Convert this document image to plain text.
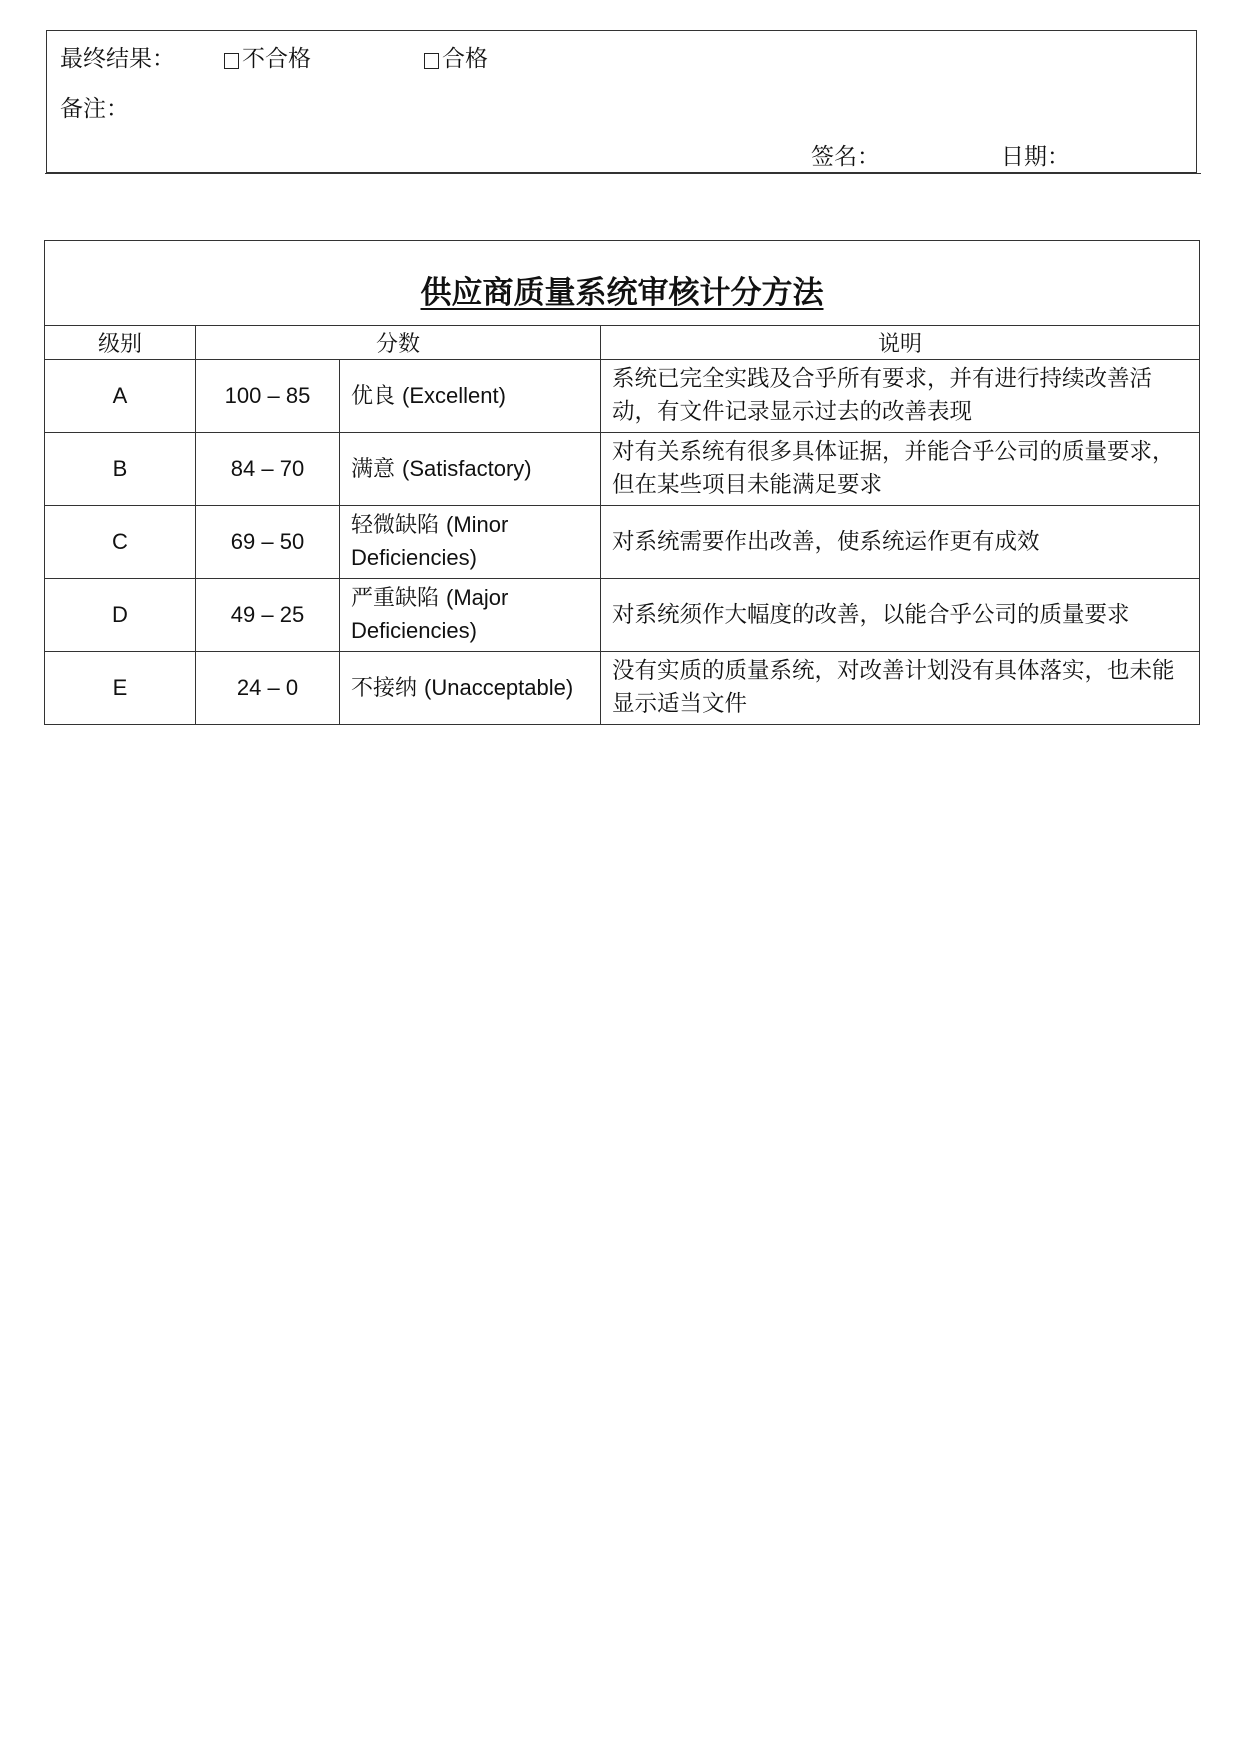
最终结果：	不合格	合格
备注：
签名：	日期：
供应商质量系统审核计分方法			
级别	分数		说明
A	100 – 85	优良 (Excellent)	系统已完全实践及合乎所有要求，并有进行持续改善活动，有文件记录显示过去的改善表现
B	84 – 70	满意 (Satisfactory)	对有关系统有很多具体证据，并能合乎公司的质量要求，但在某些项目未能满足要求
C	69 – 50	轻微缺陷 (Minor Deficiencies)	对系统需要作出改善，使系统运作更有成效
D	49 – 25	严重缺陷 (Major Deficiencies)	对系统须作大幅度的改善，以能合乎公司的质量要求
E	24 – 0	不接纳 (Unacceptable)	没有实质的质量系统，对改善计划没有具体落实，也未能显示适当文件
